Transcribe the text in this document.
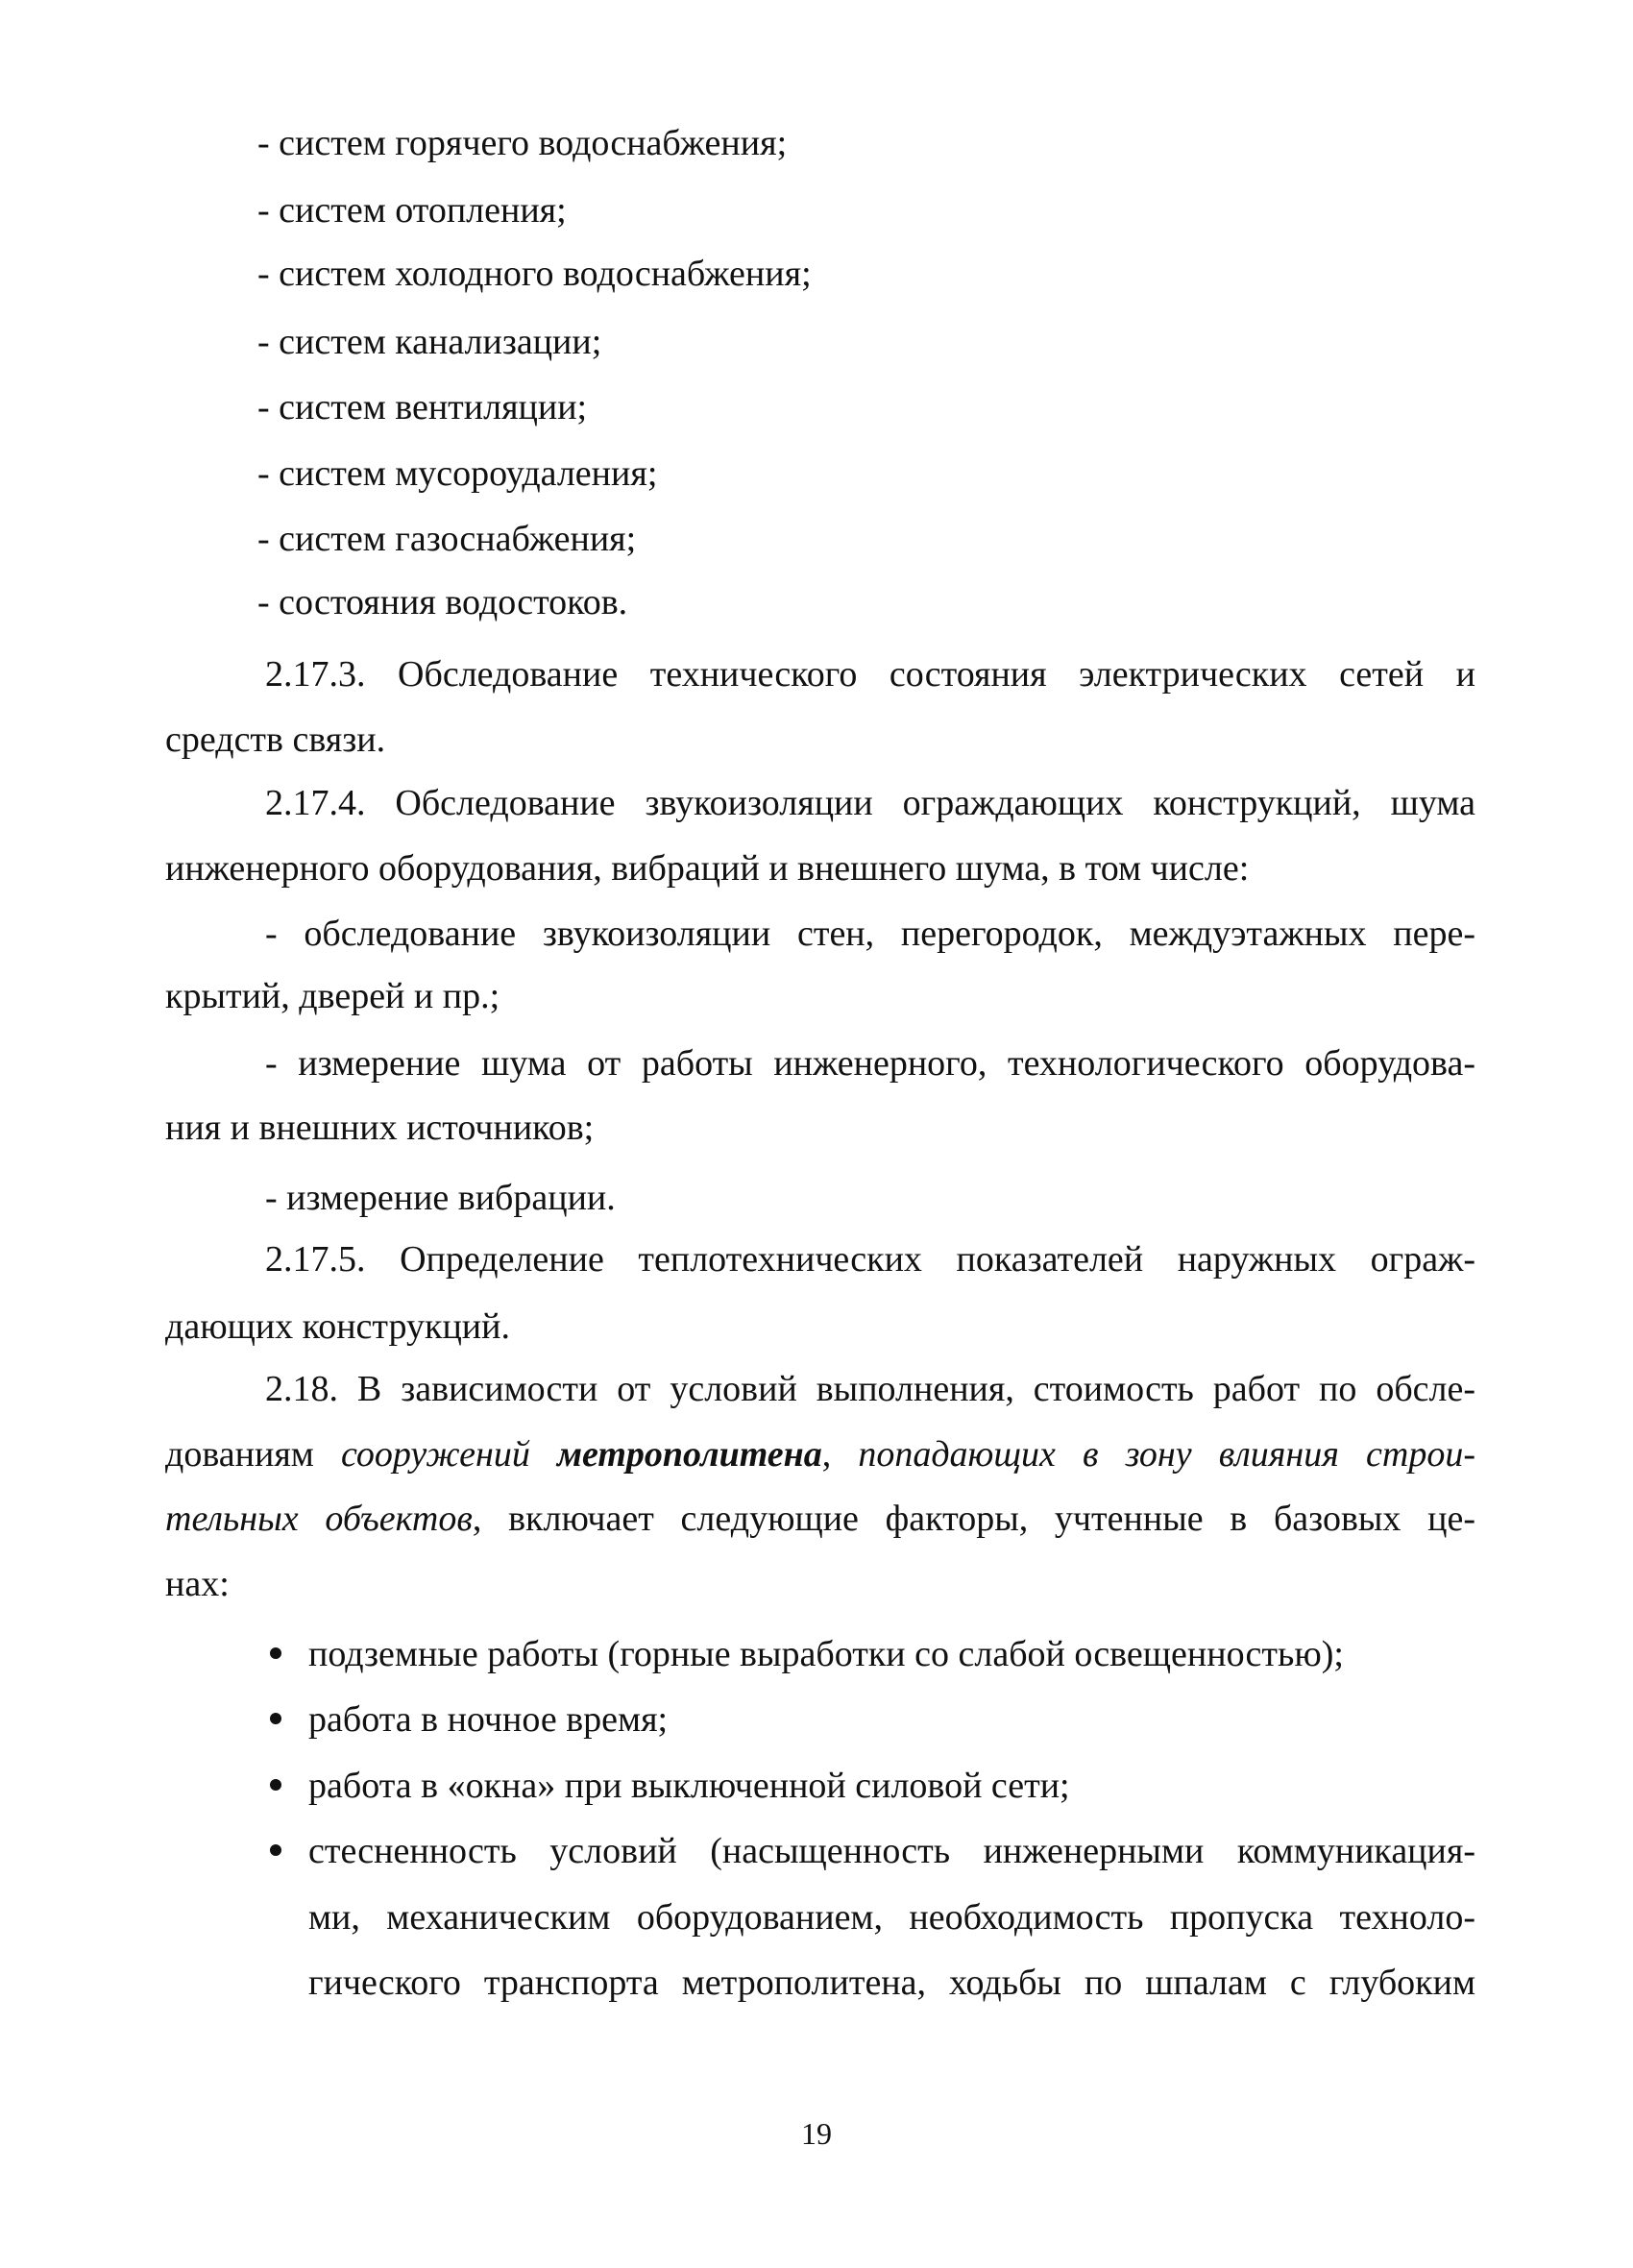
- систем горячего водоснабжения;
- систем отопления;
- систем холодного водоснабжения;
- систем канализации;
- систем вентиляции;
- систем мусороудаления;
- систем газоснабжения;
- состояния водостоков.
2.17.3. Обследование технического состояния электрических сетей и
средств связи.
2.17.4. Обследование звукоизоляции ограждающих конструкций, шума
инженерного оборудования, вибраций и внешнего шума, в том числе:
- обследование звукоизоляции стен, перегородок, междуэтажных пере-
крытий, дверей и пр.;
- измерение шума от работы инженерного, технологического оборудова-
ния и внешних источников;
- измерение вибрации.
2.17.5. Определение теплотехнических показателей наружных ограж-
дающих конструкций.
2.18. В зависимости от условий выполнения, стоимость работ по обсле-
дованиям сооружений метрополитена, попадающих в зону влияния строи-
тельных объектов, включает следующие факторы, учтенные в базовых це-
нах:
подземные работы (горные выработки со слабой освещенностью);
работа в ночное время;
работа в «окна» при выключенной силовой сети;
стесненность условий (насыщенность инженерными коммуникация-
ми, механическим оборудованием, необходимость пропуска техноло-
гического транспорта метрополитена, ходьбы по шпалам с глубоким
19
